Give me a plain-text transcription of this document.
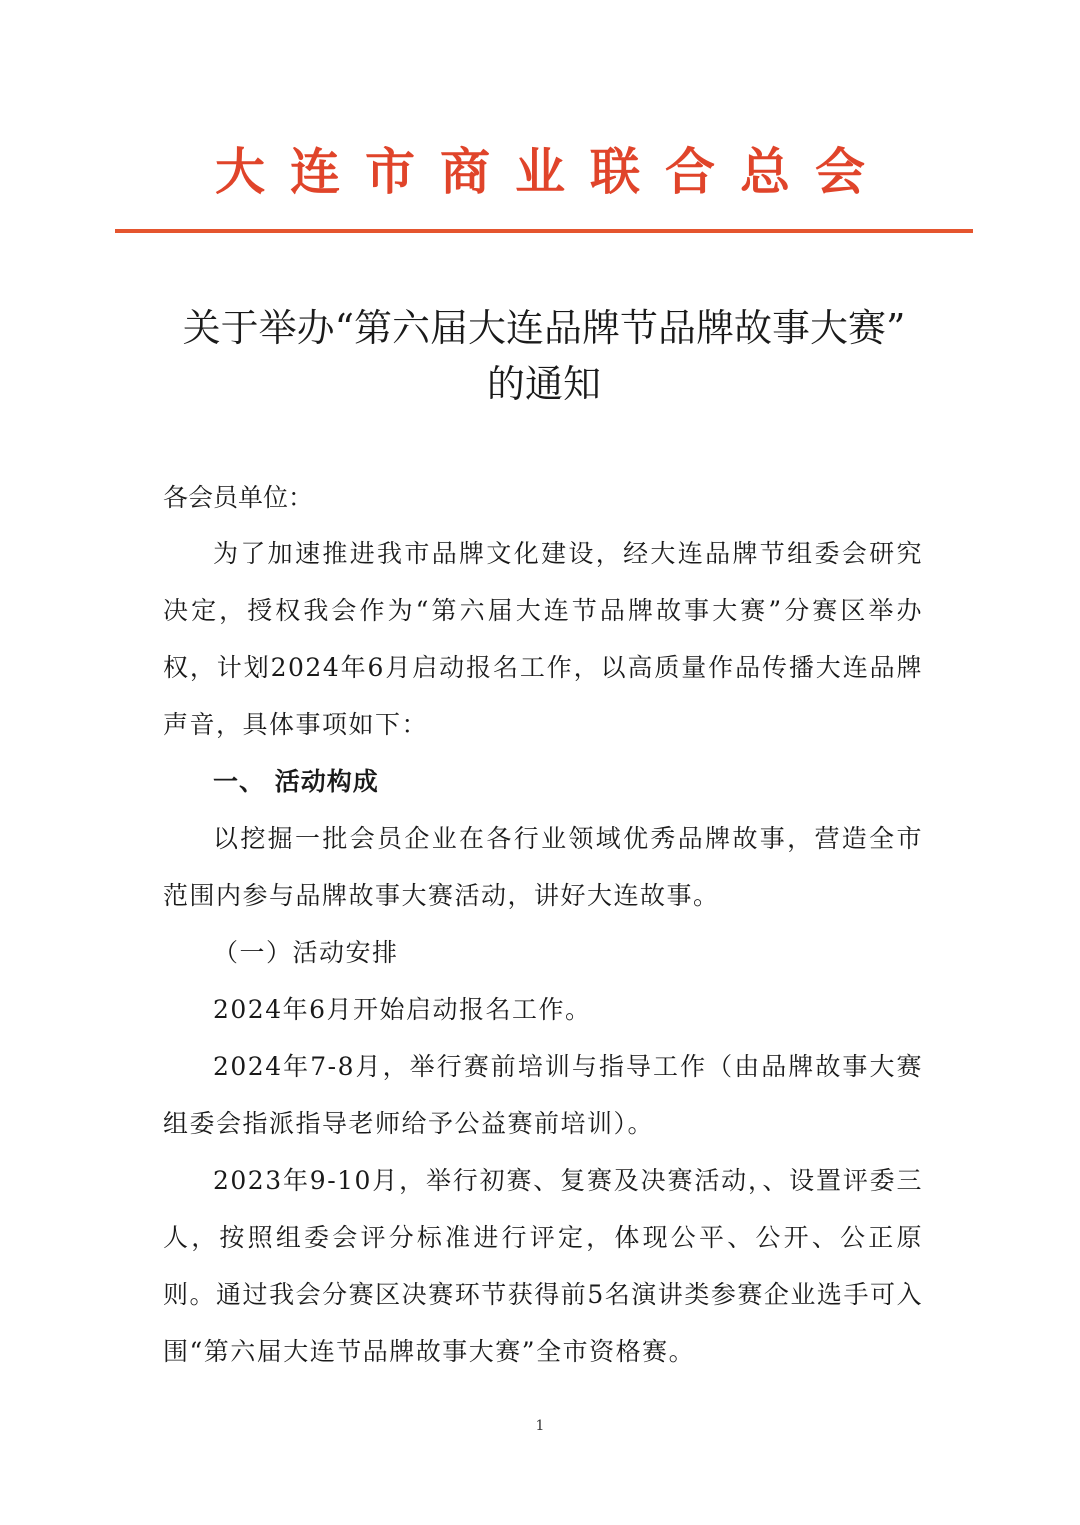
大连市商业联合总会
关于举办“第六届大连品牌节品牌故事大赛”
的通知
各会员单位：

为了加速推进我市品牌文化建设，经大连品牌节组委会研究决定，授权我会作为“第六届大连节品牌故事大赛”分赛区举办权，计划2024年6月启动报名工作，以高质量作品传播大连品牌声音，具体事项如下：

一、 活动构成

以挖掘一批会员企业在各行业领域优秀品牌故事，营造全市范围内参与品牌故事大赛活动，讲好大连故事。

（一）活动安排

2024年6月开始启动报名工作。

2024年7-8月，举行赛前培训与指导工作（由品牌故事大赛组委会指派指导老师给予公益赛前培训）。

2023年9-10月，举行初赛、复赛及决赛活动，、设置评委三人，按照组委会评分标准进行评定，体现公平、公开、公正原则。通过我会分赛区决赛环节获得前5名演讲类参赛企业选手可入围“第六届大连节品牌故事大赛”全市资格赛。

1
